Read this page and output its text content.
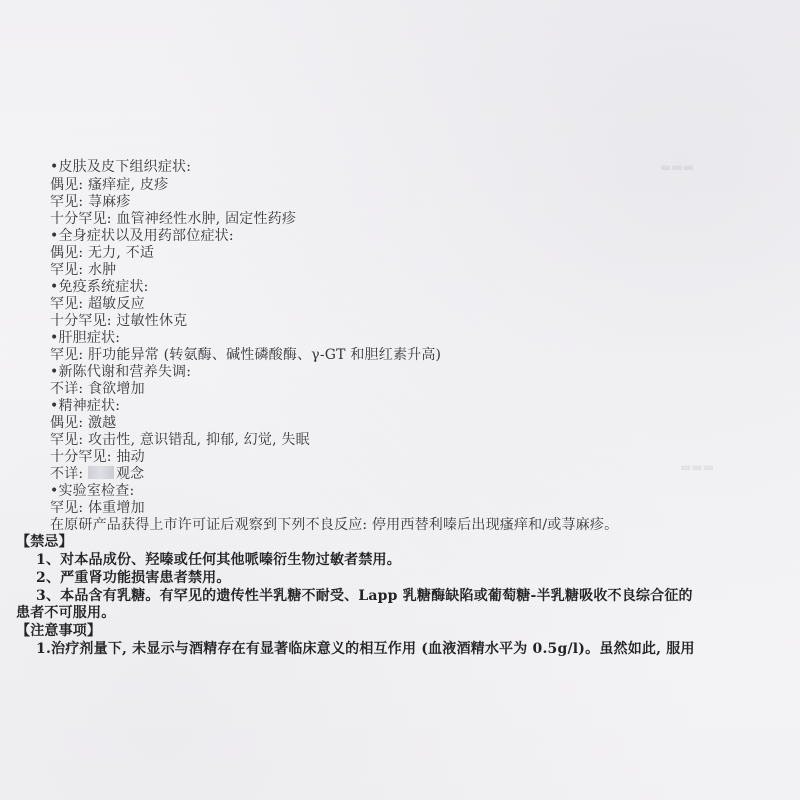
•皮肤及皮下组织症状:
偶见: 瘙痒症, 皮疹
罕见: 荨麻疹
十分罕见: 血管神经性水肿, 固定性药疹
•全身症状以及用药部位症状:
偶见: 无力, 不适
罕见: 水肿
•免疫系统症状:
罕见: 超敏反应
十分罕见: 过敏性休克
•肝胆症状:
罕见: 肝功能异常 (转氨酶、碱性磷酸酶、γ-GT 和胆红素升高)
•新陈代谢和营养失调:
不详: 食欲增加
•精神症状:
偶见: 激越
罕见: 攻击性, 意识错乱, 抑郁, 幻觉, 失眠
十分罕见: 抽动
不详: 观念
•实验室检查:
罕见: 体重增加
在原研产品获得上市许可证后观察到下列不良反应: 停用西替利嗪后出现瘙痒和/或荨麻疹。
【禁忌】
1、对本品成份、羟嗪或任何其他哌嗪衍生物过敏者禁用。
2、严重肾功能损害患者禁用。
3、本品含有乳糖。有罕见的遗传性半乳糖不耐受、Lapp 乳糖酶缺陷或葡萄糖-半乳糖吸收不良综合征的
患者不可服用。
【注意事项】
1.治疗剂量下, 未显示与酒精存在有显著临床意义的相互作用 (血液酒精水平为 0.5g/l)。虽然如此, 服用
▬▬▬
▬▬▬
